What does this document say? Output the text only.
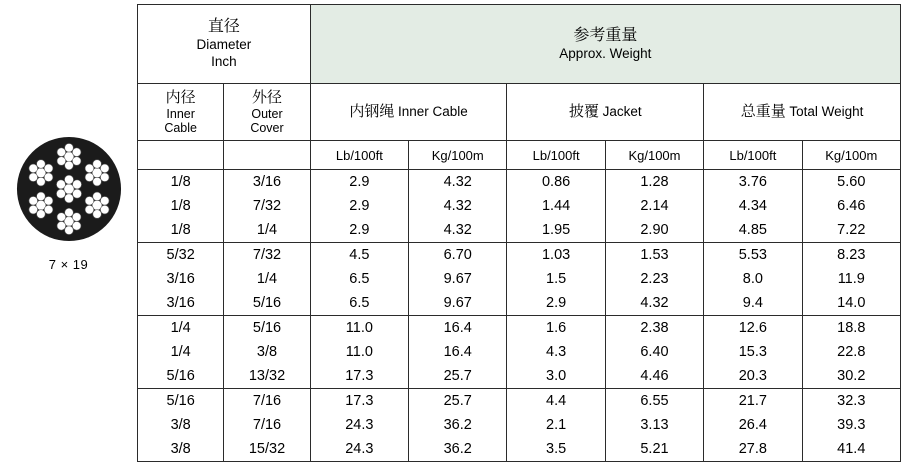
7 × 19
直径
Diameter
Inch		参考重量
Approx. Weight					

内径
Inner
Cable	外径
Outer
Cover	内钢绳 Inner Cable		披覆 Jacket		总重量 Total Weight	
		Lb/100ft	Kg/100m	Lb/100ft	Kg/100m	Lb/100ft	Kg/100m
1/8	3/16	2.9	4.32	0.86	1.28	3.76	5.60
1/8	7/32	2.9	4.32	1.44	2.14	4.34	6.46
1/8	1/4	2.9	4.32	1.95	2.90	4.85	7.22
5/32	7/32	4.5	6.70	1.03	1.53	5.53	8.23
3/16	1/4	6.5	9.67	1.5	2.23	8.0	11.9
3/16	5/16	6.5	9.67	2.9	4.32	9.4	14.0
1/4	5/16	11.0	16.4	1.6	2.38	12.6	18.8
1/4	3/8	11.0	16.4	4.3	6.40	15.3	22.8
5/16	13/32	17.3	25.7	3.0	4.46	20.3	30.2
5/16	7/16	17.3	25.7	4.4	6.55	21.7	32.3
3/8	7/16	24.3	36.2	2.1	3.13	26.4	39.3
3/8	15/32	24.3	36.2	3.5	5.21	27.8	41.4
